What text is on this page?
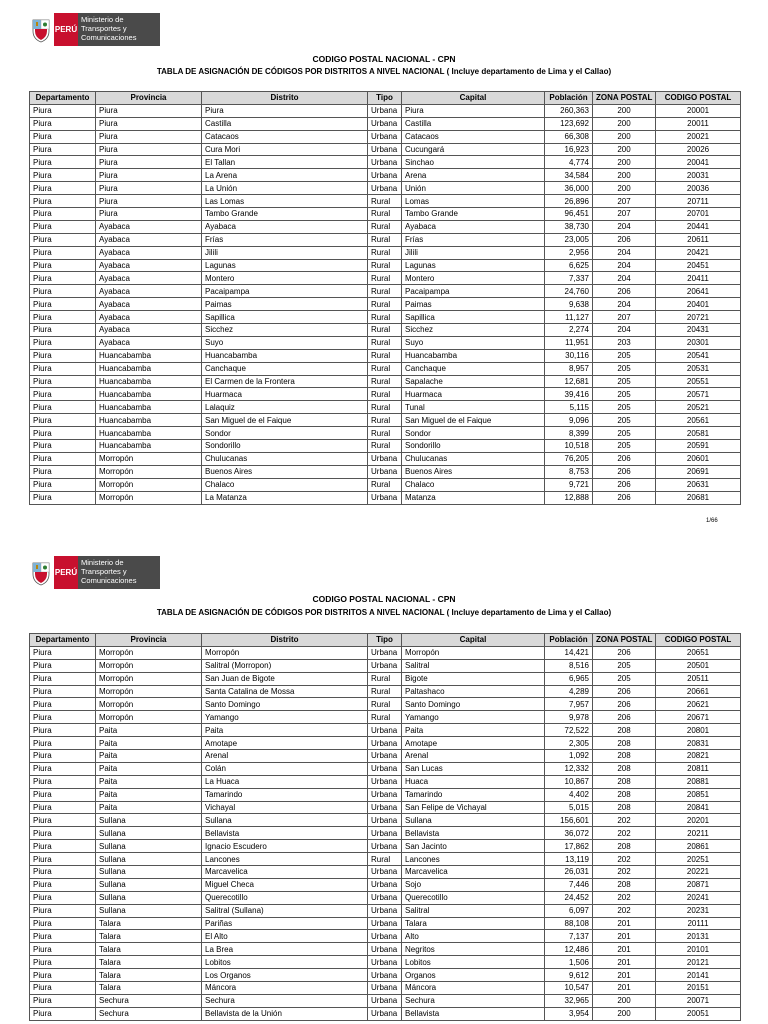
PERÚ
Ministerio de Transportes y Comunicaciones
CODIGO POSTAL NACIONAL - CPN
TABLA DE ASIGNACIÓN DE CÓDIGOS POR DISTRITOS A NIVEL NACIONAL ( Incluye departamento de Lima y el Callao)
Departamento	Provincia	Distrito	Tipo	Capital	Población	ZONA POSTAL	CODIGO POSTAL
Piura	Piura	Piura	Urbana	Piura	260,363	200	20001
Piura	Piura	Castilla	Urbana	Castilla	123,692	200	20011
Piura	Piura	Catacaos	Urbana	Catacaos	66,308	200	20021
Piura	Piura	Cura Mori	Urbana	Cucungará	16,923	200	20026
Piura	Piura	El Tallan	Urbana	Sinchao	4,774	200	20041
Piura	Piura	La Arena	Urbana	Arena	34,584	200	20031
Piura	Piura	La Unión	Urbana	Unión	36,000	200	20036
Piura	Piura	Las Lomas	Rural	Lomas	26,896	207	20711
Piura	Piura	Tambo Grande	Rural	Tambo Grande	96,451	207	20701
Piura	Ayabaca	Ayabaca	Rural	Ayabaca	38,730	204	20441
Piura	Ayabaca	Frías	Rural	Frías	23,005	206	20611
Piura	Ayabaca	Jilili	Rural	Jilili	2,956	204	20421
Piura	Ayabaca	Lagunas	Rural	Lagunas	6,625	204	20451
Piura	Ayabaca	Montero	Rural	Montero	7,337	204	20411
Piura	Ayabaca	Pacaipampa	Rural	Pacaipampa	24,760	206	20641
Piura	Ayabaca	Paimas	Rural	Paimas	9,638	204	20401
Piura	Ayabaca	Sapillica	Rural	Sapillica	11,127	207	20721
Piura	Ayabaca	Sicchez	Rural	Sicchez	2,274	204	20431
Piura	Ayabaca	Suyo	Rural	Suyo	11,951	203	20301
Piura	Huancabamba	Huancabamba	Rural	Huancabamba	30,116	205	20541
Piura	Huancabamba	Canchaque	Rural	Canchaque	8,957	205	20531
Piura	Huancabamba	El Carmen de la Frontera	Rural	Sapalache	12,681	205	20551
Piura	Huancabamba	Huarmaca	Rural	Huarmaca	39,416	205	20571
Piura	Huancabamba	Lalaquiz	Rural	Tunal	5,115	205	20521
Piura	Huancabamba	San Miguel de el Faique	Rural	San Miguel de el Faique	9,096	205	20561
Piura	Huancabamba	Sondor	Rural	Sondor	8,399	205	20581
Piura	Huancabamba	Sondorillo	Rural	Sondorillo	10,518	205	20591
Piura	Morropón	Chulucanas	Urbana	Chulucanas	76,205	206	20601
Piura	Morropón	Buenos Aires	Urbana	Buenos Aires	8,753	206	20691
Piura	Morropón	Chalaco	Rural	Chalaco	9,721	206	20631
Piura	Morropón	La Matanza	Urbana	Matanza	12,888	206	20681
1/66
PERÚ
Ministerio de Transportes y Comunicaciones
CODIGO POSTAL NACIONAL - CPN
TABLA DE ASIGNACIÓN DE CÓDIGOS POR DISTRITOS A NIVEL NACIONAL ( Incluye departamento de Lima y el Callao)
Departamento	Provincia	Distrito	Tipo	Capital	Población	ZONA POSTAL	CODIGO POSTAL
Piura	Morropón	Morropón	Urbana	Morropón	14,421	206	20651
Piura	Morropón	Salitral (Morropon)	Urbana	Salitral	8,516	205	20501
Piura	Morropón	San Juan de Bigote	Rural	Bigote	6,965	205	20511
Piura	Morropón	Santa Catalina de Mossa	Rural	Paltashaco	4,289	206	20661
Piura	Morropón	Santo Domingo	Rural	Santo Domingo	7,957	206	20621
Piura	Morropón	Yamango	Rural	Yamango	9,978	206	20671
Piura	Paita	Paita	Urbana	Paita	72,522	208	20801
Piura	Paita	Amotape	Urbana	Amotape	2,305	208	20831
Piura	Paita	Arenal	Urbana	Arenal	1,092	208	20821
Piura	Paita	Colán	Urbana	San Lucas	12,332	208	20811
Piura	Paita	La Huaca	Urbana	Huaca	10,867	208	20881
Piura	Paita	Tamarindo	Urbana	Tamarindo	4,402	208	20851
Piura	Paita	Vichayal	Urbana	San Felipe de Vichayal	5,015	208	20841
Piura	Sullana	Sullana	Urbana	Sullana	156,601	202	20201
Piura	Sullana	Bellavista	Urbana	Bellavista	36,072	202	20211
Piura	Sullana	Ignacio Escudero	Urbana	San Jacinto	17,862	208	20861
Piura	Sullana	Lancones	Rural	Lancones	13,119	202	20251
Piura	Sullana	Marcavelica	Urbana	Marcavelica	26,031	202	20221
Piura	Sullana	Miguel Checa	Urbana	Sojo	7,446	208	20871
Piura	Sullana	Querecotillo	Urbana	Querecotillo	24,452	202	20241
Piura	Sullana	Salitral (Sullana)	Urbana	Salitral	6,097	202	20231
Piura	Talara	Pariñas	Urbana	Talara	88,108	201	20111
Piura	Talara	El Alto	Urbana	Alto	7,137	201	20131
Piura	Talara	La Brea	Urbana	Negritos	12,486	201	20101
Piura	Talara	Lobitos	Urbana	Lobitos	1,506	201	20121
Piura	Talara	Los Organos	Urbana	Organos	9,612	201	20141
Piura	Talara	Máncora	Urbana	Máncora	10,547	201	20151
Piura	Sechura	Sechura	Urbana	Sechura	32,965	200	20071
Piura	Sechura	Bellavista de la Unión	Urbana	Bellavista	3,954	200	20051
